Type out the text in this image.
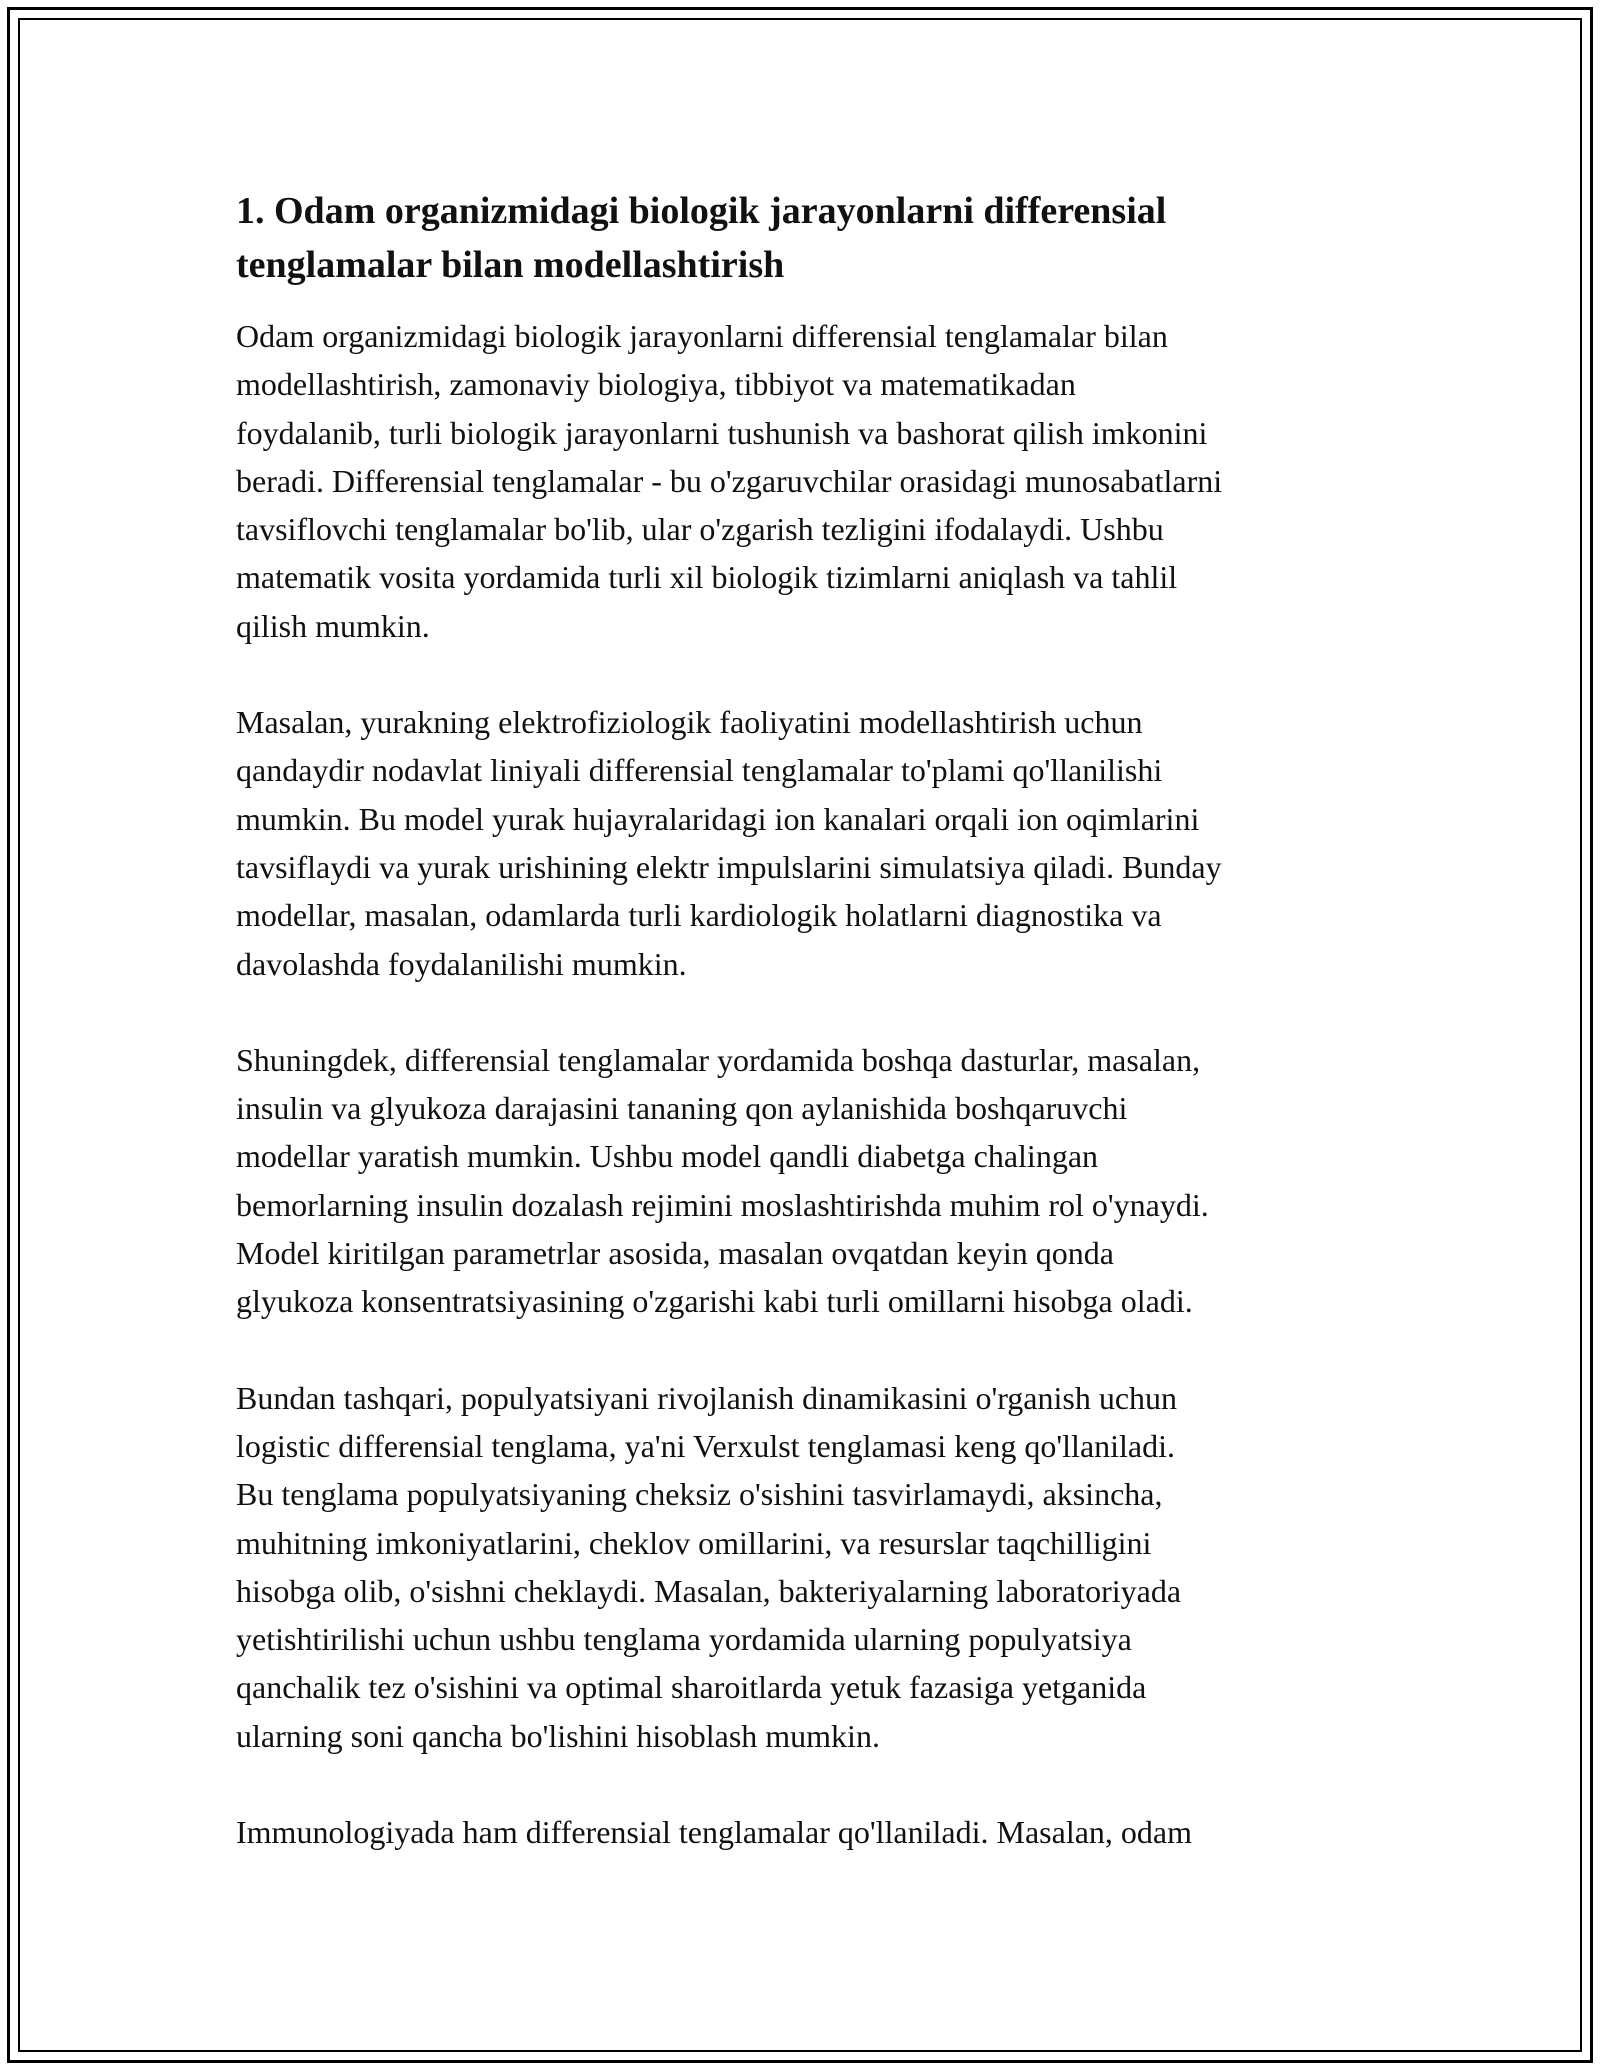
1. Odam organizmidagi biologik jarayonlarni differensial
tenglamalar bilan modellashtirish

Odam organizmidagi biologik jarayonlarni differensial tenglamalar bilan
modellashtirish, zamonaviy biologiya, tibbiyot va matematikadan
foydalanib, turli biologik jarayonlarni tushunish va bashorat qilish imkonini
beradi. Differensial tenglamalar - bu o'zgaruvchilar orasidagi munosabatlarni
tavsiflovchi tenglamalar bo'lib, ular o'zgarish tezligini ifodalaydi. Ushbu
matematik vosita yordamida turli xil biologik tizimlarni aniqlash va tahlil
qilish mumkin.

Masalan, yurakning elektrofiziologik faoliyatini modellashtirish uchun
qandaydir nodavlat liniyali differensial tenglamalar to'plami qo'llanilishi
mumkin. Bu model yurak hujayralaridagi ion kanalari orqali ion oqimlarini
tavsiflaydi va yurak urishining elektr impulslarini simulatsiya qiladi. Bunday
modellar, masalan, odamlarda turli kardiologik holatlarni diagnostika va
davolashda foydalanilishi mumkin.

Shuningdek, differensial tenglamalar yordamida boshqa dasturlar, masalan,
insulin va glyukoza darajasini tananing qon aylanishida boshqaruvchi
modellar yaratish mumkin. Ushbu model qandli diabetga chalingan
bemorlarning insulin dozalash rejimini moslashtirishda muhim rol o'ynaydi.
Model kiritilgan parametrlar asosida, masalan ovqatdan keyin qonda
glyukoza konsentratsiyasining o'zgarishi kabi turli omillarni hisobga oladi.

Bundan tashqari, populyatsiyani rivojlanish dinamikasini o'rganish uchun
logistic differensial tenglama, ya'ni Verxulst tenglamasi keng qo'llaniladi.
Bu tenglama populyatsiyaning cheksiz o'sishini tasvirlamaydi, aksincha,
muhitning imkoniyatlarini, cheklov omillarini, va resurslar taqchilligini
hisobga olib, o'sishni cheklaydi. Masalan, bakteriyalarning laboratoriyada
yetishtirilishi uchun ushbu tenglama yordamida ularning populyatsiya
qanchalik tez o'sishini va optimal sharoitlarda yetuk fazasiga yetganida
ularning soni qancha bo'lishini hisoblash mumkin.

Immunologiyada ham differensial tenglamalar qo'llaniladi. Masalan, odam
